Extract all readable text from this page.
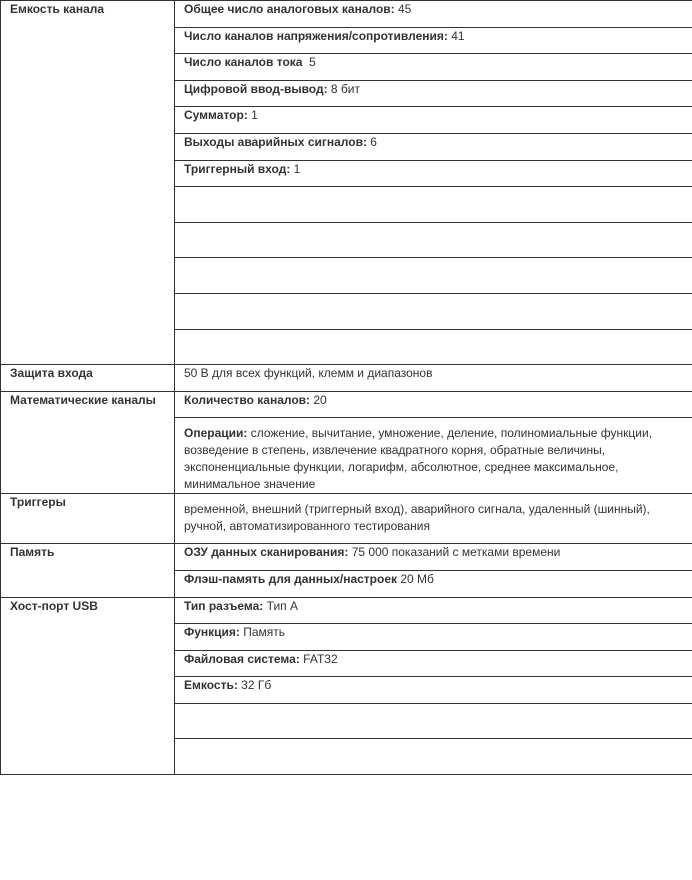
Емкость канала	Общее число аналоговых каналов: 45
	Число каналов напряжения/сопротивления: 41
	Число каналов тока  5
	Цифровой ввод-вывод: 8 бит
	Сумматор: 1
	Выходы аварийных сигналов: 6
	Триггерный вход: 1

Защита входа	50 В для всех функций, клемм и диапазонов
Математические каналы	Количество каналов: 20
	Операции: сложение, вычитание, умножение, деление, полиномиальные функции, возведение в степень, извлечение квадратного корня, обратные величины, экспоненциальные функции, логарифм, абсолютное, среднее максимальное, минимальное значение
Триггеры	временной, внешний (триггерный вход), аварийного сигнала, удаленный (шинный), ручной, автоматизированного тестирования
Память	ОЗУ данных сканирования: 75 000 показаний с метками времени
	Флэш-память для данных/настроек 20 Мб
Хост-порт USB	Тип разъема: Тип А
	Функция: Память
	Файловая система: FAT32
	Емкость: 32 Гб
